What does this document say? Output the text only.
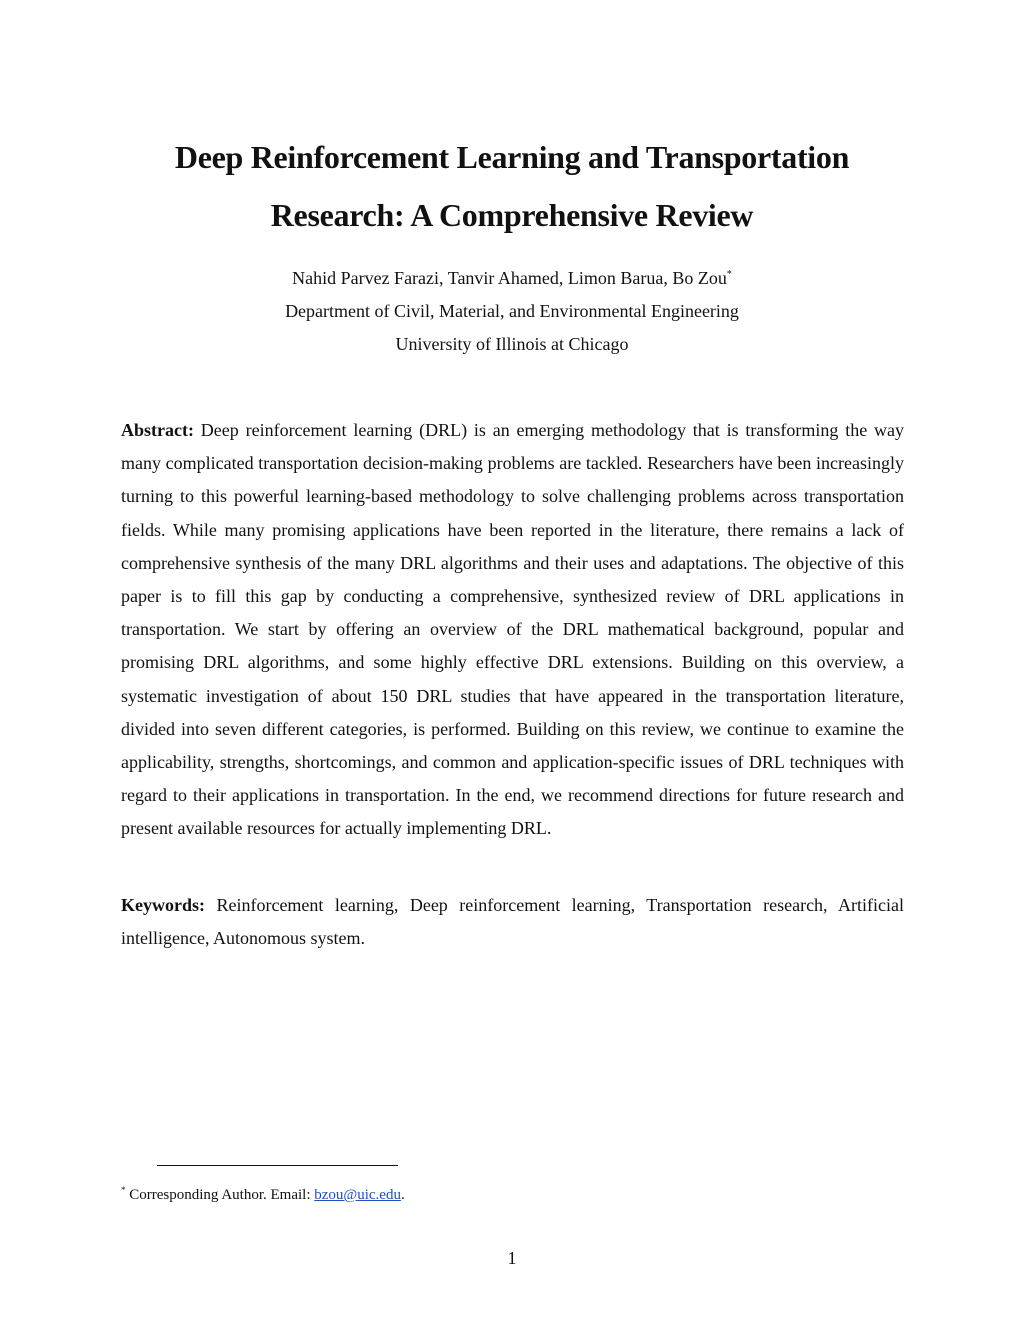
Deep Reinforcement Learning and Transportation
Research: A Comprehensive Review
Nahid Parvez Farazi, Tanvir Ahamed, Limon Barua, Bo Zou*
Department of Civil, Material, and Environmental Engineering
University of Illinois at Chicago

Abstract: Deep reinforcement learning (DRL) is an emerging methodology that is transforming the way many complicated transportation decision-making problems are tackled. Researchers have been increasingly turning to this powerful learning-based methodology to solve challenging problems across transportation fields. While many promising applications have been reported in the literature, there remains a lack of comprehensive synthesis of the many DRL algorithms and their uses and adaptations. The objective of this paper is to fill this gap by conducting a comprehensive, synthesized review of DRL applications in transportation. We start by offering an overview of the DRL mathematical background, popular and promising DRL algorithms, and some highly effective DRL extensions. Building on this overview, a systematic investigation of about 150 DRL studies that have appeared in the transportation literature, divided into seven different categories, is performed. Building on this review, we continue to examine the applicability, strengths, shortcomings, and common and application-specific issues of DRL techniques with regard to their applications in transportation. In the end, we recommend directions for future research and present available resources for actually implementing DRL.

Keywords: Reinforcement learning, Deep reinforcement learning, Transportation research, Artificial intelligence, Autonomous system.

* Corresponding Author. Email: bzou@uic.edu.
1
